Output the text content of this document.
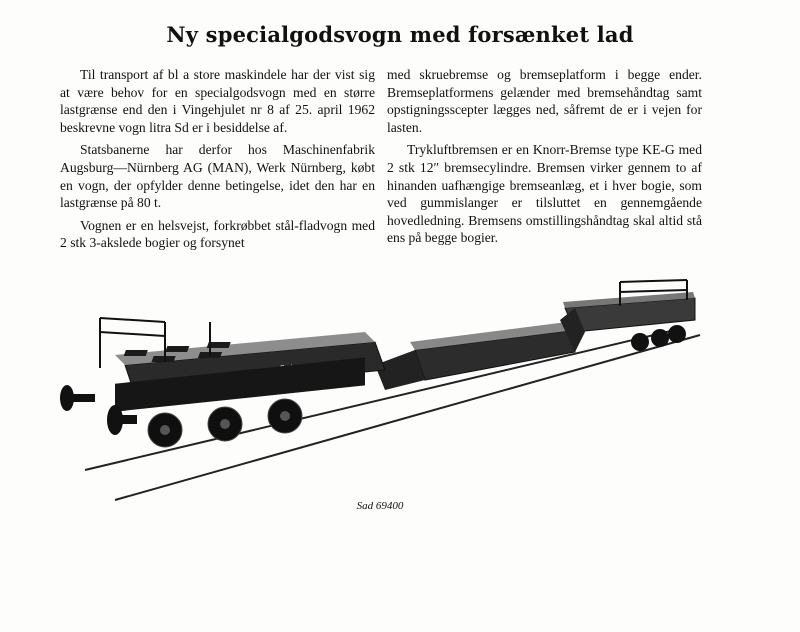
Ny specialgodsvogn med forsænket lad

Til transport af bl a store maskindele har der vist sig at være behov for en specialgodsvogn med en større lastgrænse end den i Vingehjulet nr 8 af 25. april 1962 beskrevne vogn litra Sd er i besiddelse af.

Statsbanerne har derfor hos Maschinenfabrik Augsburg—Nürnberg AG (MAN), Werk Nürnberg, købt en vogn, der opfylder denne betingelse, idet den har en lastgrænse på 80 t.

Vognen er en helsvejst, forkrøbbet stål-fladvogn med 2 stk 3-akslede bogier og forsynet

med skruebremse og bremseplatform i begge ender. Bremseplatformens gelænder med bremsehåndtag samt opstigningsscepter lægges ned, såfremt de er i vejen for lasten.

Trykluftbremsen er en Knorr-Bremse type KE-G med 2 stk 12″ bremsecylindre. Bremsen virker gennem to af hinanden uafhængige bremseanlæg, et i hver bogie, som ved gummislanger er tilsluttet en gennemgående hovedledning. Bremsens omstillingshåndtag skal altid stå ens på begge bogier.

Sad 69400
